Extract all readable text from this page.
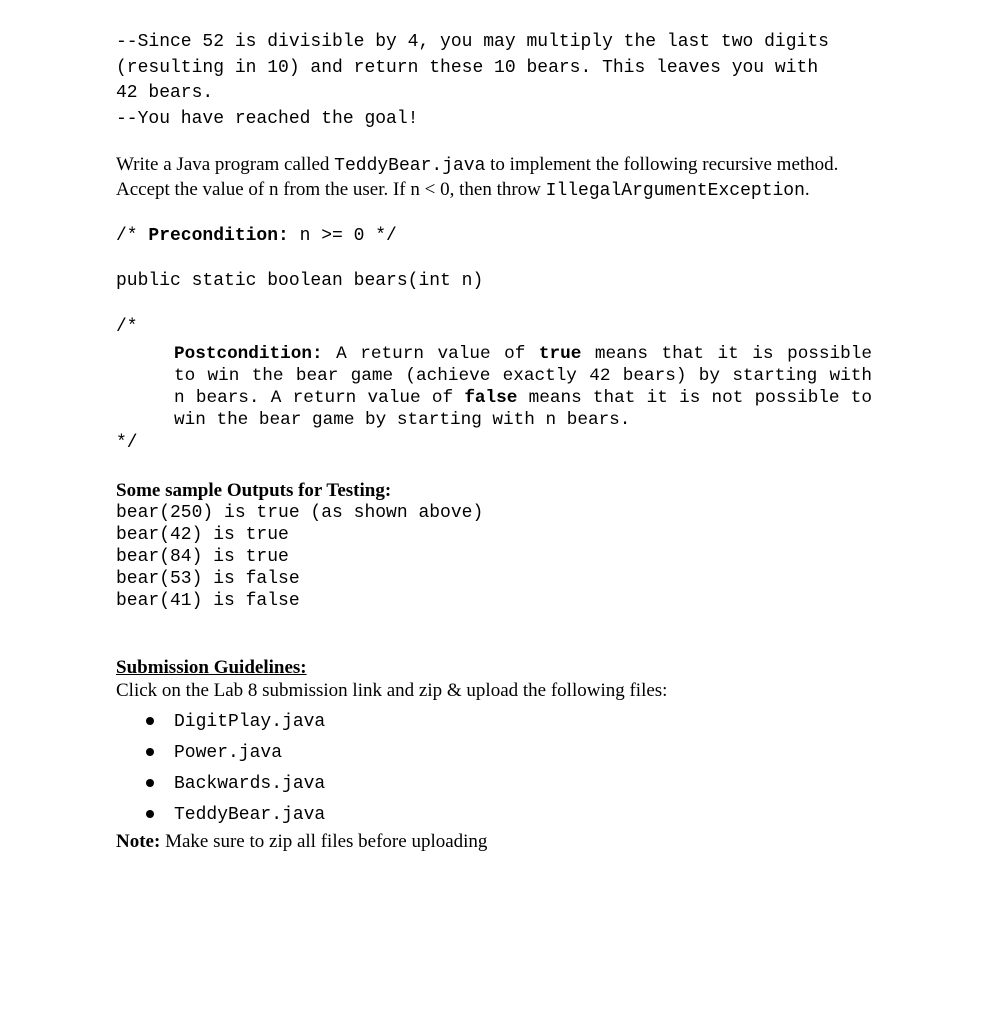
--Since 52 is divisible by 4, you may multiply the last two digits
(resulting in 10) and return these 10 bears. This leaves you with
42 bears.
--You have reached the goal!
Write a Java program called TeddyBear.java to implement the following recursive method.
Accept the value of n from the user. If n < 0, then throw IllegalArgumentException.
/* Precondition: n >= 0 */
public static boolean bears(int n)
/*
Postcondition: A return value of true means that it is possible to win the bear game (achieve exactly 42 bears) by starting with n bears. A return value of false means that it is not possible to win the bear game by starting with n bears.
*/
Some sample Outputs for Testing:
bear(250) is true (as shown above)
bear(42) is true
bear(84) is true
bear(53) is false
bear(41) is false
Submission Guidelines:
Click on the Lab 8 submission link and zip & upload the following files:
DigitPlay.java
Power.java
Backwards.java
TeddyBear.java
Note: Make sure to zip all files before uploading
